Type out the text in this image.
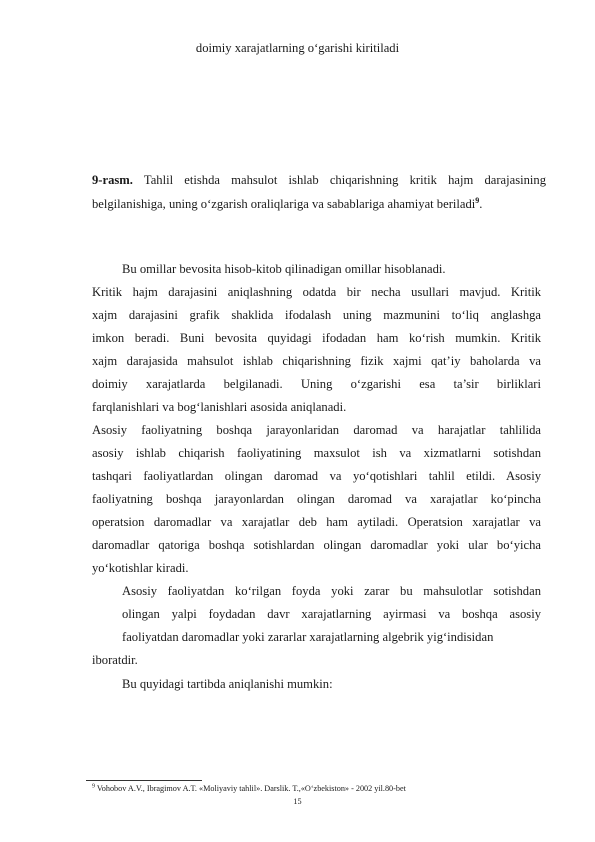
doimiy xarajatlarning o‘garishi kiritiladi
9-rasm. Tahlil etishda mahsulot ishlab chiqarishning kritik hajm darajasining
belgilanishiga, uning o‘zgarish oraliqlariga va sabablariga ahamiyat beriladi$^9$.
Bu omillar bevosita hisob-kitob qilinadigan omillar hisoblanadi.
Kritik hajm darajasini aniqlashning odatda bir necha usullari mavjud. Kritik
xajm darajasini grafik shaklida ifodalash uning mazmunini to‘liq anglashga
imkon beradi. Buni bevosita quyidagi ifodadan ham ko‘rish mumkin. Kritik
xajm darajasida mahsulot ishlab chiqarishning fizik xajmi qat’iy baholarda va
doimiy xarajatlarda belgilanadi. Uning o‘zgarishi esa ta’sir birliklari
farqlanishlari va bog‘lanishlari asosida aniqlanadi.
Asosiy faoliyatning boshqa jarayonlaridan daromad va harajatlar tahlilida
asosiy ishlab chiqarish faoliyatining maxsulot ish va xizmatlarni sotishdan
tashqari faoliyatlardan olingan daromad va yo‘qotishlari tahlil etildi. Asosiy
faoliyatning boshqa jarayonlardan olingan daromad va xarajatlar ko‘pincha
operatsion daromadlar va xarajatlar deb ham aytiladi. Operatsion xarajatlar va
daromadlar qatoriga boshqa sotishlardan olingan daromadlar yoki ular bo‘yicha
yo‘kotishlar kiradi.
Asosiy faoliyatdan ko‘rilgan foyda yoki zarar bu mahsulotlar sotishdan
olingan yalpi foydadan davr xarajatlarning ayirmasi va boshqa asosiy
faoliyatdan daromadlar yoki zararlar xarajatlarning algebrik yig‘indisidan
iboratdir.
Bu quyidagi tartibda aniqlanishi mumkin:
$^9$ Vohobov A.V., Ibragimov A.T. «Moliyaviy tahlil». Darslik. T.,«O‘zbekiston» - 2002 yil.80-bet
15
